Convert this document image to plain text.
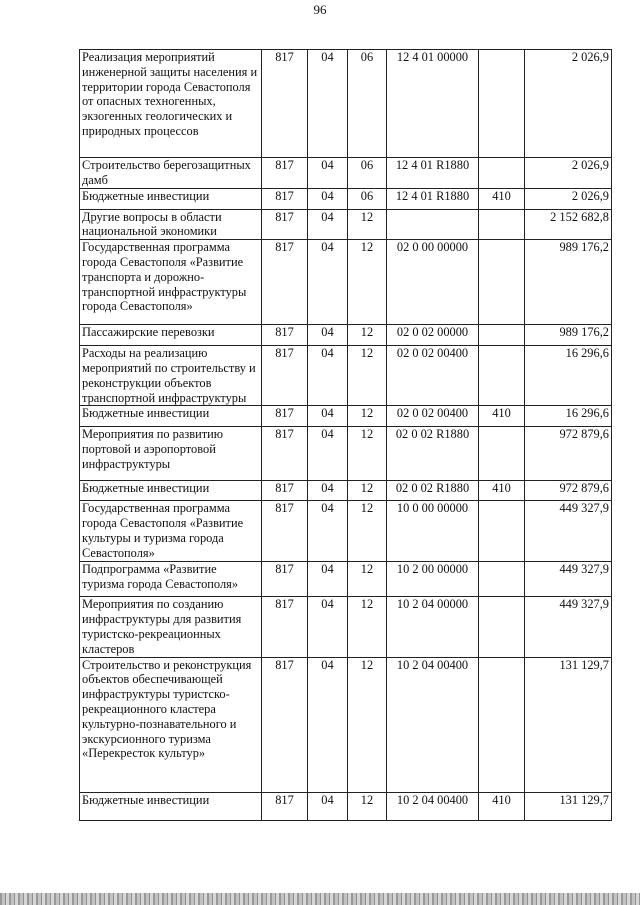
96
Реализация мероприятий инженерной защиты населения и территории города Севастополя от опасных техногенных, экзогенных геологических и природных процессов	817	04	06	12 4 01 00000		2 026,9
Строительство берегозащитных дамб	817	04	06	12 4 01 R1880		2 026,9
Бюджетные инвестиции	817	04	06	12 4 01 R1880	410	2 026,9
Другие вопросы в области национальной экономики	817	04	12			2 152 682,8
Государственная программа города Севастополя «Развитие транспорта и дорожно-транспортной инфраструктуры города Севастополя»	817	04	12	02 0 00 00000		989 176,2
Пассажирские перевозки	817	04	12	02 0 02 00000		989 176,2
Расходы на реализацию мероприятий по строительству и реконструкции объектов транспортной инфраструктуры	817	04	12	02 0 02 00400		16 296,6
Бюджетные инвестиции	817	04	12	02 0 02 00400	410	16 296,6
Мероприятия по развитию портовой и аэропортовой инфраструктуры	817	04	12	02 0 02 R1880		972 879,6
Бюджетные инвестиции	817	04	12	02 0 02 R1880	410	972 879,6
Государственная программа города Севастополя «Развитие культуры и туризма города Севастополя»	817	04	12	10 0 00 00000		449 327,9
Подпрограмма «Развитие туризма города Севастополя»	817	04	12	10 2 00 00000		449 327,9
Мероприятия по созданию инфраструктуры для развития туристско-рекреационных кластеров	817	04	12	10 2 04 00000		449 327,9
Строительство и реконструкция объектов обеспечивающей инфраструктуры туристско-рекреационного кластера культурно-познавательного и экскурсионного туризма «Перекресток культур»	817	04	12	10 2 04 00400		131 129,7
Бюджетные инвестиции	817	04	12	10 2 04 00400	410	131 129,7
